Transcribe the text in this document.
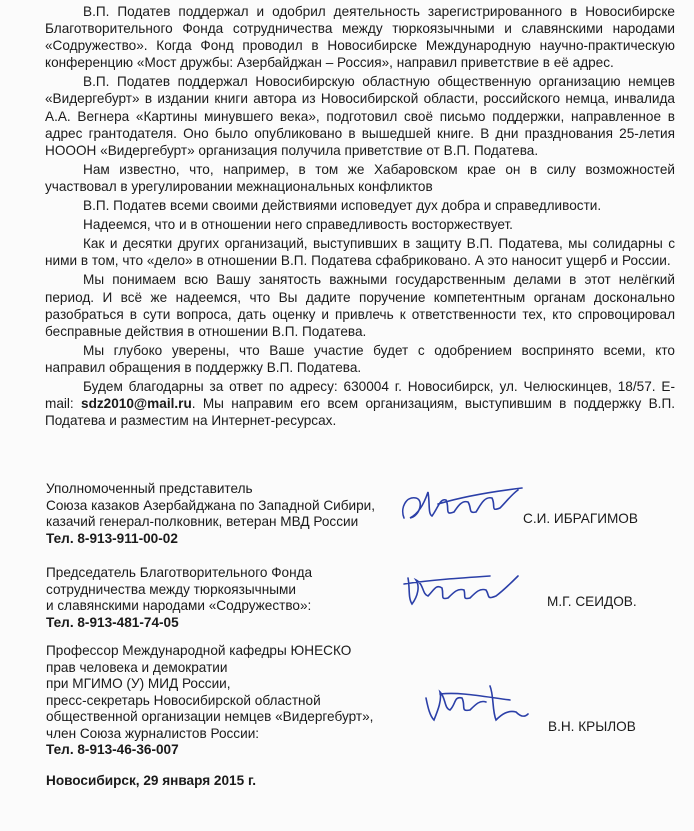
В.П. Податев поддержал и одобрил деятельность зарегистрированного в Новосибирске Благотворительного Фонда сотрудничества между тюркоязычными и славянскими народами «Содружество». Когда Фонд проводил в Новосибирске Международную научно-практическую конференцию «Мост дружбы: Азербайджан – Россия», направил приветствие в её адрес.

В.П. Податев поддержал Новосибирскую областную общественную организацию немцев «Видергебурт» в издании книги автора из Новосибирской области, российского немца, инвалида А.А. Вегнера «Картины минувшего века», подготовил своё письмо поддержки, направленное в адрес грантодателя. Оно было опубликовано в вышедшей книге. В дни празднования 25-летия НОООН «Видергебурт» организация получила приветствие от В.П. Податева.

Нам известно, что, например, в том же Хабаровском крае он в силу возможностей участвовал в урегулировании межнациональных конфликтов

В.П. Податев всеми своими действиями исповедует дух добра и справедливости.

Надеемся, что и в отношении него справедливость восторжествует.

Как и десятки других организаций, выступивших в защиту В.П. Податева, мы солидарны с ними в том, что «дело» в отношении В.П. Податева сфабриковано. А это наносит ущерб и России.

Мы понимаем всю Вашу занятость важными государственным делами в этот нелёгкий период. И всё же надеемся, что Вы дадите поручение компетентным органам досконально разобраться в сути вопроса, дать оценку и привлечь к ответственности тех, кто спровоцировал бесправные действия в отношении В.П. Податева.

Мы глубоко уверены, что Ваше участие будет с одобрением воспринято всеми, кто направил обращения в поддержку В.П. Податева.

Будем благодарны за ответ по адресу: 630004 г. Новосибирск, ул. Челюскинцев, 18/57. E-mail: sdz2010@mail.ru. Мы направим его всем организациям, выступившим в поддержку В.П. Податева и разместим на Интернет-ресурсах.

Уполномоченный представитель
Союза казаков Азербайджана по Западной Сибири,
казачий генерал-полковник, ветеран МВД России
Тел. 8-913-911-00-02
С.И. ИБРАГИМОВ
Председатель Благотворительного Фонда
сотрудничества между тюркоязычными
и славянскими народами «Содружество»:
Тел. 8-913-481-74-05
М.Г. СЕИДОВ.
Профессор Международной кафедры ЮНЕСКО
прав человека и демократии
при МГИМО (У) МИД России,
пресс-секретарь Новосибирской областной
общественной организации немцев «Видергебурт»,
член Союза журналистов России:
Тел. 8-913-46-36-007
В.Н. КРЫЛОВ
Новосибирск, 29 января 2015 г.
